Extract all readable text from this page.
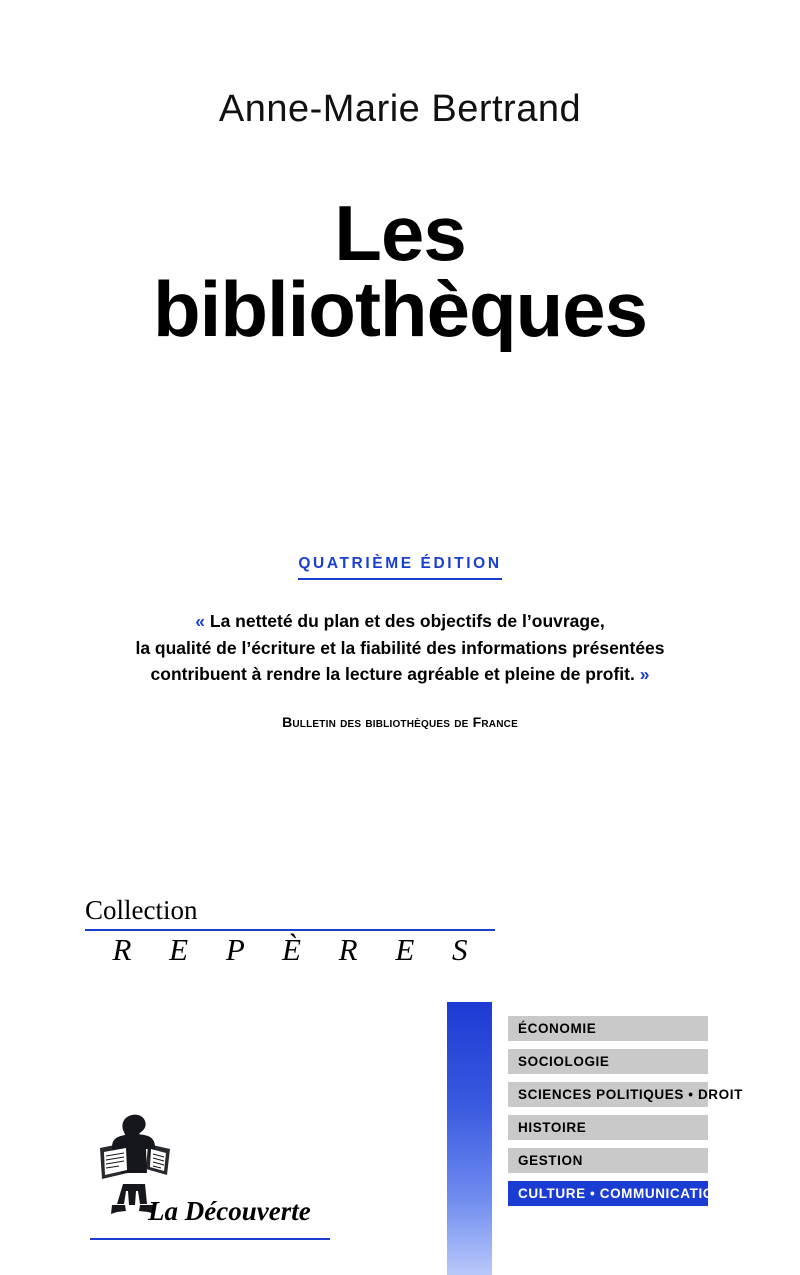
Anne-Marie Bertrand
Les
bibliothèques
QUATRIÈME ÉDITION
« La netteté du plan et des objectifs de l’ouvrage,
la qualité de l’écriture et la fiabilité des informations présentées
contribuent à rendre la lecture agréable et pleine de profit. »
Bulletin des bibliothèques de France
Collection
R E P È R E S
ÉCONOMIE
SOCIOLOGIE
SCIENCES POLITIQUES • DROIT
HISTOIRE
GESTION
CULTURE • COMMUNICATION
La Découverte
